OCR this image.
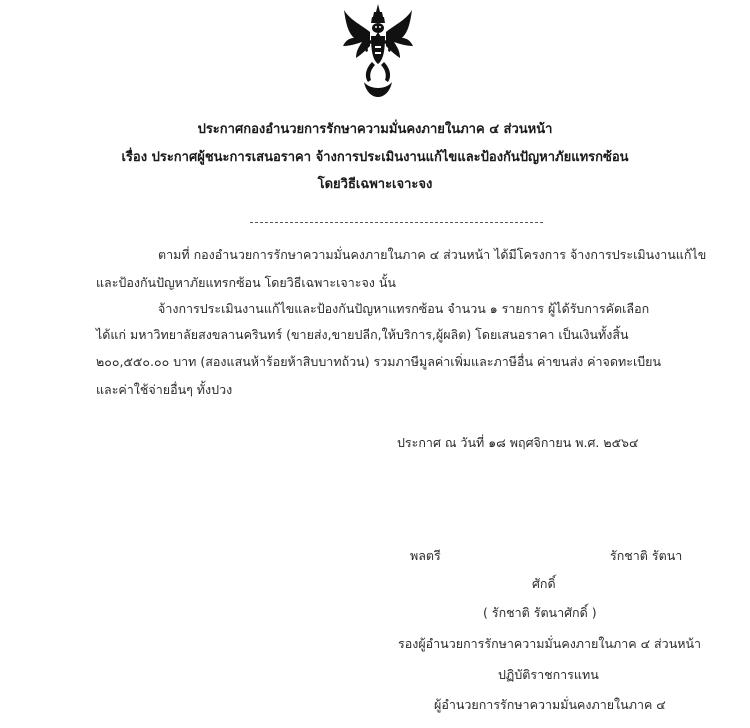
ประกาศกองอำนวยการรักษาความมั่นคงภายในภาค ๔ ส่วนหน้า
เรื่อง ประกาศผู้ชนะการเสนอราคา จ้างการประเมินงานแก้ไขและป้องกันปัญหาภัยแทรกซ้อน
โดยวิธีเฉพาะเจาะจง
ตามที่ กองอำนวยการรักษาความมั่นคงภายในภาค ๔ ส่วนหน้า ได้มีโครงการ จ้างการประเมินงานแก้ไข
และป้องกันปัญหาภัยแทรกซ้อน โดยวิธีเฉพาะเจาะจง นั้น
จ้างการประเมินงานแก้ไขและป้องกันปัญหาแทรกซ้อน จำนวน ๑ รายการ ผู้ได้รับการคัดเลือก
ได้แก่ มหาวิทยาลัยสงขลานครินทร์ (ขายส่ง,ขายปลีก,ให้บริการ,ผู้ผลิต) โดยเสนอราคา เป็นเงินทั้งสิ้น
๒๐๐,๕๕๐.๐๐ บาท (สองแสนห้าร้อยห้าสิบบาทถ้วน) รวมภาษีมูลค่าเพิ่มและภาษีอื่น ค่าขนส่ง ค่าจดทะเบียน
และค่าใช้จ่ายอื่นๆ ทั้งปวง
ประกาศ ณ วันที่ ๑๘ พฤศจิกายน พ.ศ. ๒๕๖๔
พลตรี	รักชาติ รัตนา
ศักดิ์
( รักชาติ รัตนาศักดิ์ )
รองผู้อำนวยการรักษาความมั่นคงภายในภาค ๔ ส่วนหน้า
ปฏิบัติราชการแทน
ผู้อำนวยการรักษาความมั่นคงภายในภาค ๔
